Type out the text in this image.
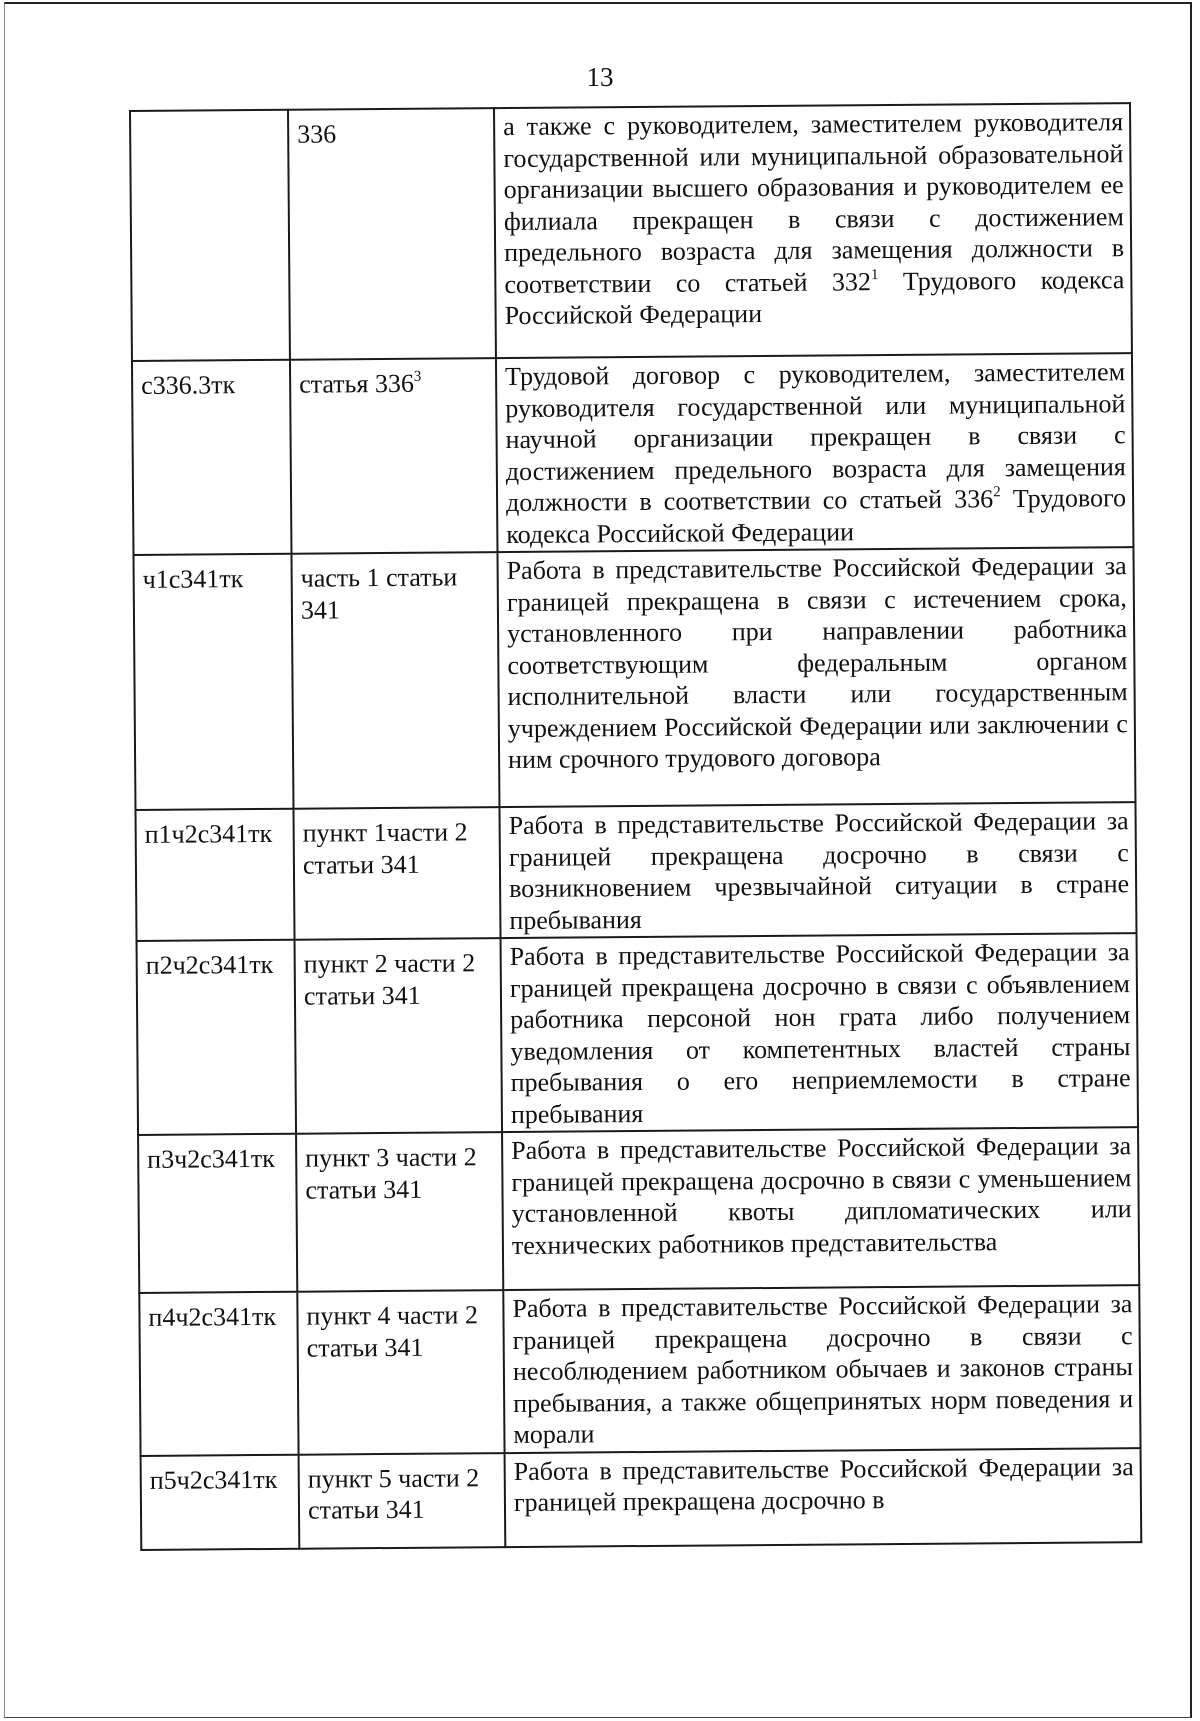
13
	336	а также с руководителем, заместителем руководителя государственной или муниципальной образовательной организации высшего образования и руководителем ее филиала прекращен в связи с достижением предельного возраста для замещения должности в соответствии со статьей $332^1$ Трудового кодекса Российской Федерации
с336.3тк	статья $336^3$	Трудовой договор с руководителем, заместителем руководителя государственной или муниципальной научной организации прекращен в связи с достижением предельного возраста для замещения должности в соответствии со статьей $336^2$ Трудового кодекса Российской Федерации
ч1с341тк	часть 1 статьи 341	Работа в представительстве Российской Федерации за границей прекращена в связи с истечением срока, установленного при направлении работника соответствующим федеральным органом исполнительной власти или государственным учреждением Российской Федерации или заключении с ним срочного трудового договора
п1ч2с341тк	пункт 1части 2 статьи 341	Работа в представительстве Российской Федерации за границей прекращена досрочно в связи с возникновением чрезвычайной ситуации в стране пребывания
п2ч2с341тк	пункт 2 части 2 статьи 341	Работа в представительстве Российской Федерации за границей прекращена досрочно в связи с объявлением работника персоной нон грата либо получением уведомления от компетентных властей страны пребывания о его неприемлемости в стране пребывания
п3ч2с341тк	пункт 3 части 2 статьи 341	Работа в представительстве Российской Федерации за границей прекращена досрочно в связи с уменьшением установленной квоты дипломатических или технических работников представительства
п4ч2с341тк	пункт 4 части 2 статьи 341	Работа в представительстве Российской Федерации за границей прекращена досрочно в связи с несоблюдением работником обычаев и законов страны пребывания, а также общепринятых норм поведения и морали
п5ч2с341тк	пункт 5 части 2 статьи 341	Работа в представительстве Российской Федерации за границей прекращена досрочно в
